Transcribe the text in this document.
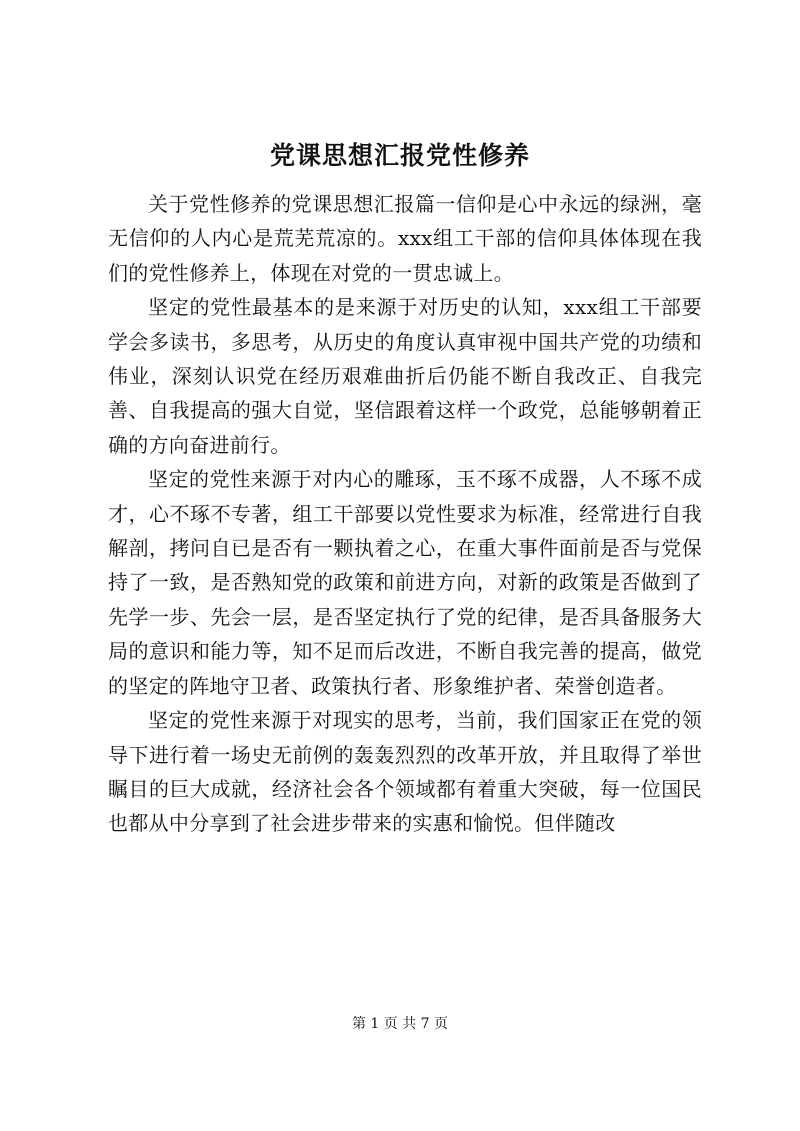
党课思想汇报党性修养

关于党性修养的党课思想汇报篇一信仰是心中永远的绿洲，毫无信仰的人内心是荒芜荒凉的。xxx组工干部的信仰具体体现在我们的党性修养上，体现在对党的一贯忠诚上。

坚定的党性最基本的是来源于对历史的认知，xxx组工干部要学会多读书，多思考，从历史的角度认真审视中国共产党的功绩和伟业，深刻认识党在经历艰难曲折后仍能不断自我改正、自我完善、自我提高的强大自觉，坚信跟着这样一个政党，总能够朝着正确的方向奋进前行。

坚定的党性来源于对内心的雕琢，玉不琢不成器，人不琢不成才，心不琢不专著，组工干部要以党性要求为标准，经常进行自我解剖，拷问自已是否有一颗执着之心，在重大事件面前是否与党保持了一致，是否熟知党的政策和前进方向，对新的政策是否做到了先学一步、先会一层，是否坚定执行了党的纪律，是否具备服务大局的意识和能力等，知不足而后改进，不断自我完善的提高，做党的坚定的阵地守卫者、政策执行者、形象维护者、荣誉创造者。

坚定的党性来源于对现实的思考，当前，我们国家正在党的领导下进行着一场史无前例的轰轰烈烈的改革开放，并且取得了举世瞩目的巨大成就，经济社会各个领域都有着重大突破，每一位国民也都从中分享到了社会进步带来的实惠和愉悦。但伴随改

第 1 页 共 7 页
